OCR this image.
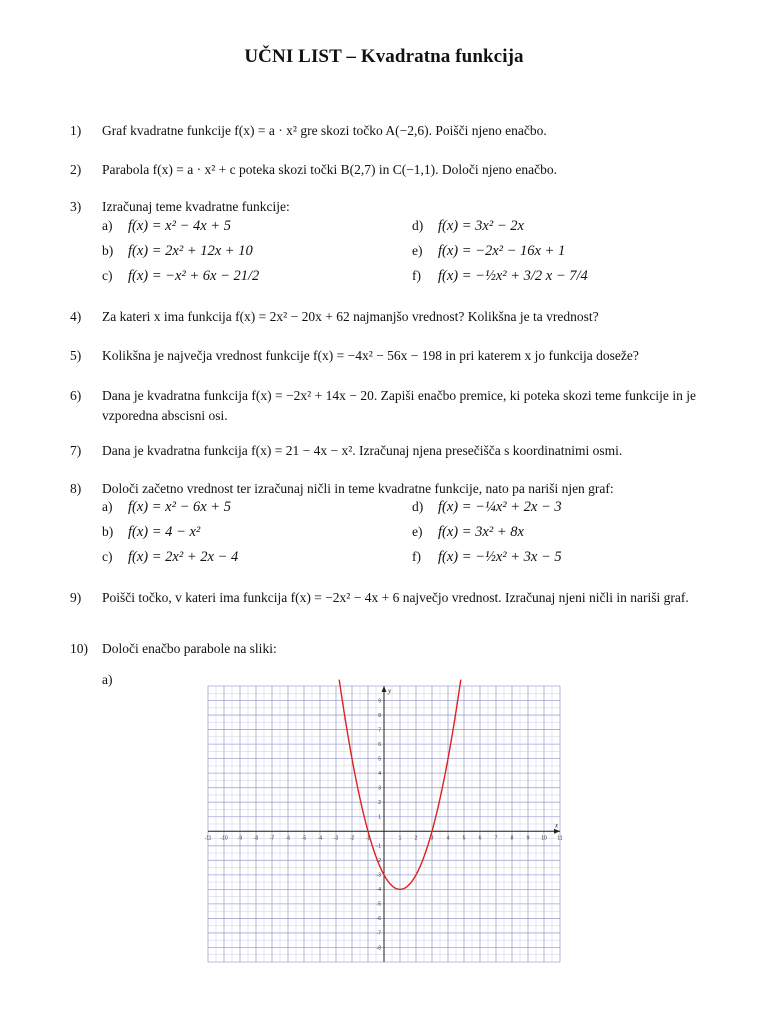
UČNI LIST – Kvadratna funkcija
1)	Graf kvadratne funkcije f(x) = a · x² gre skozi točko A(−2,6). Poišči njeno enačbo.
2)	Parabola f(x) = a · x² + c poteka skozi točki B(2,7) in C(−1,1). Določi njeno enačbo.
3)	Izračunaj teme kvadratne funkcije:
a)	f(x) = x² − 4x + 5
b)	f(x) = 2x² + 12x + 10
c)	f(x) = −x² + 6x − 21/2
d)	f(x) = 3x² − 2x
e)	f(x) = −2x² − 16x + 1
f)	f(x) = −½x² + 3/2 x − 7/4
4)	Za kateri x ima funkcija f(x) = 2x² − 20x + 62 najmanjšo vrednost? Kolikšna je ta vrednost?
5)	Kolikšna je največja vrednost funkcije f(x) = −4x² − 56x − 198 in pri katerem x jo funkcija doseže?
6)	Dana je kvadratna funkcija f(x) = −2x² + 14x − 20. Zapiši enačbo premice, ki poteka skozi teme funkcije in je vzporedna abscisni osi.
7)	Dana je kvadratna funkcija f(x) = 21 − 4x − x². Izračunaj njena presečišča s koordinatnimi osmi.
8)	Določi začetno vrednost ter izračunaj ničli in teme kvadratne funkcije, nato pa nariši njen graf:
a)	f(x) = x² − 6x + 5
b)	f(x) = 4 − x²
c)	f(x) = 2x² + 2x − 4
d)	f(x) = −¼x² + 2x − 3
e)	f(x) = 3x² + 8x
f)	f(x) = −½x² + 3x − 5
9)	Poišči točko, v kateri ima funkcija f(x) = −2x² − 4x + 6 največjo vrednost. Izračunaj njeni ničli in nariši graf.
10)	Določi enačbo parabole na sliki:
a)
x
y
-11 -10 -9 -8 -7 -6 -5 -4 -3 -2 -1	1	2	3	4	5	6	7	8	9 10 11
-8
-7
-6
-5
-4
-3
-2
-1
1
2
3
4
5
6
7
8
9
